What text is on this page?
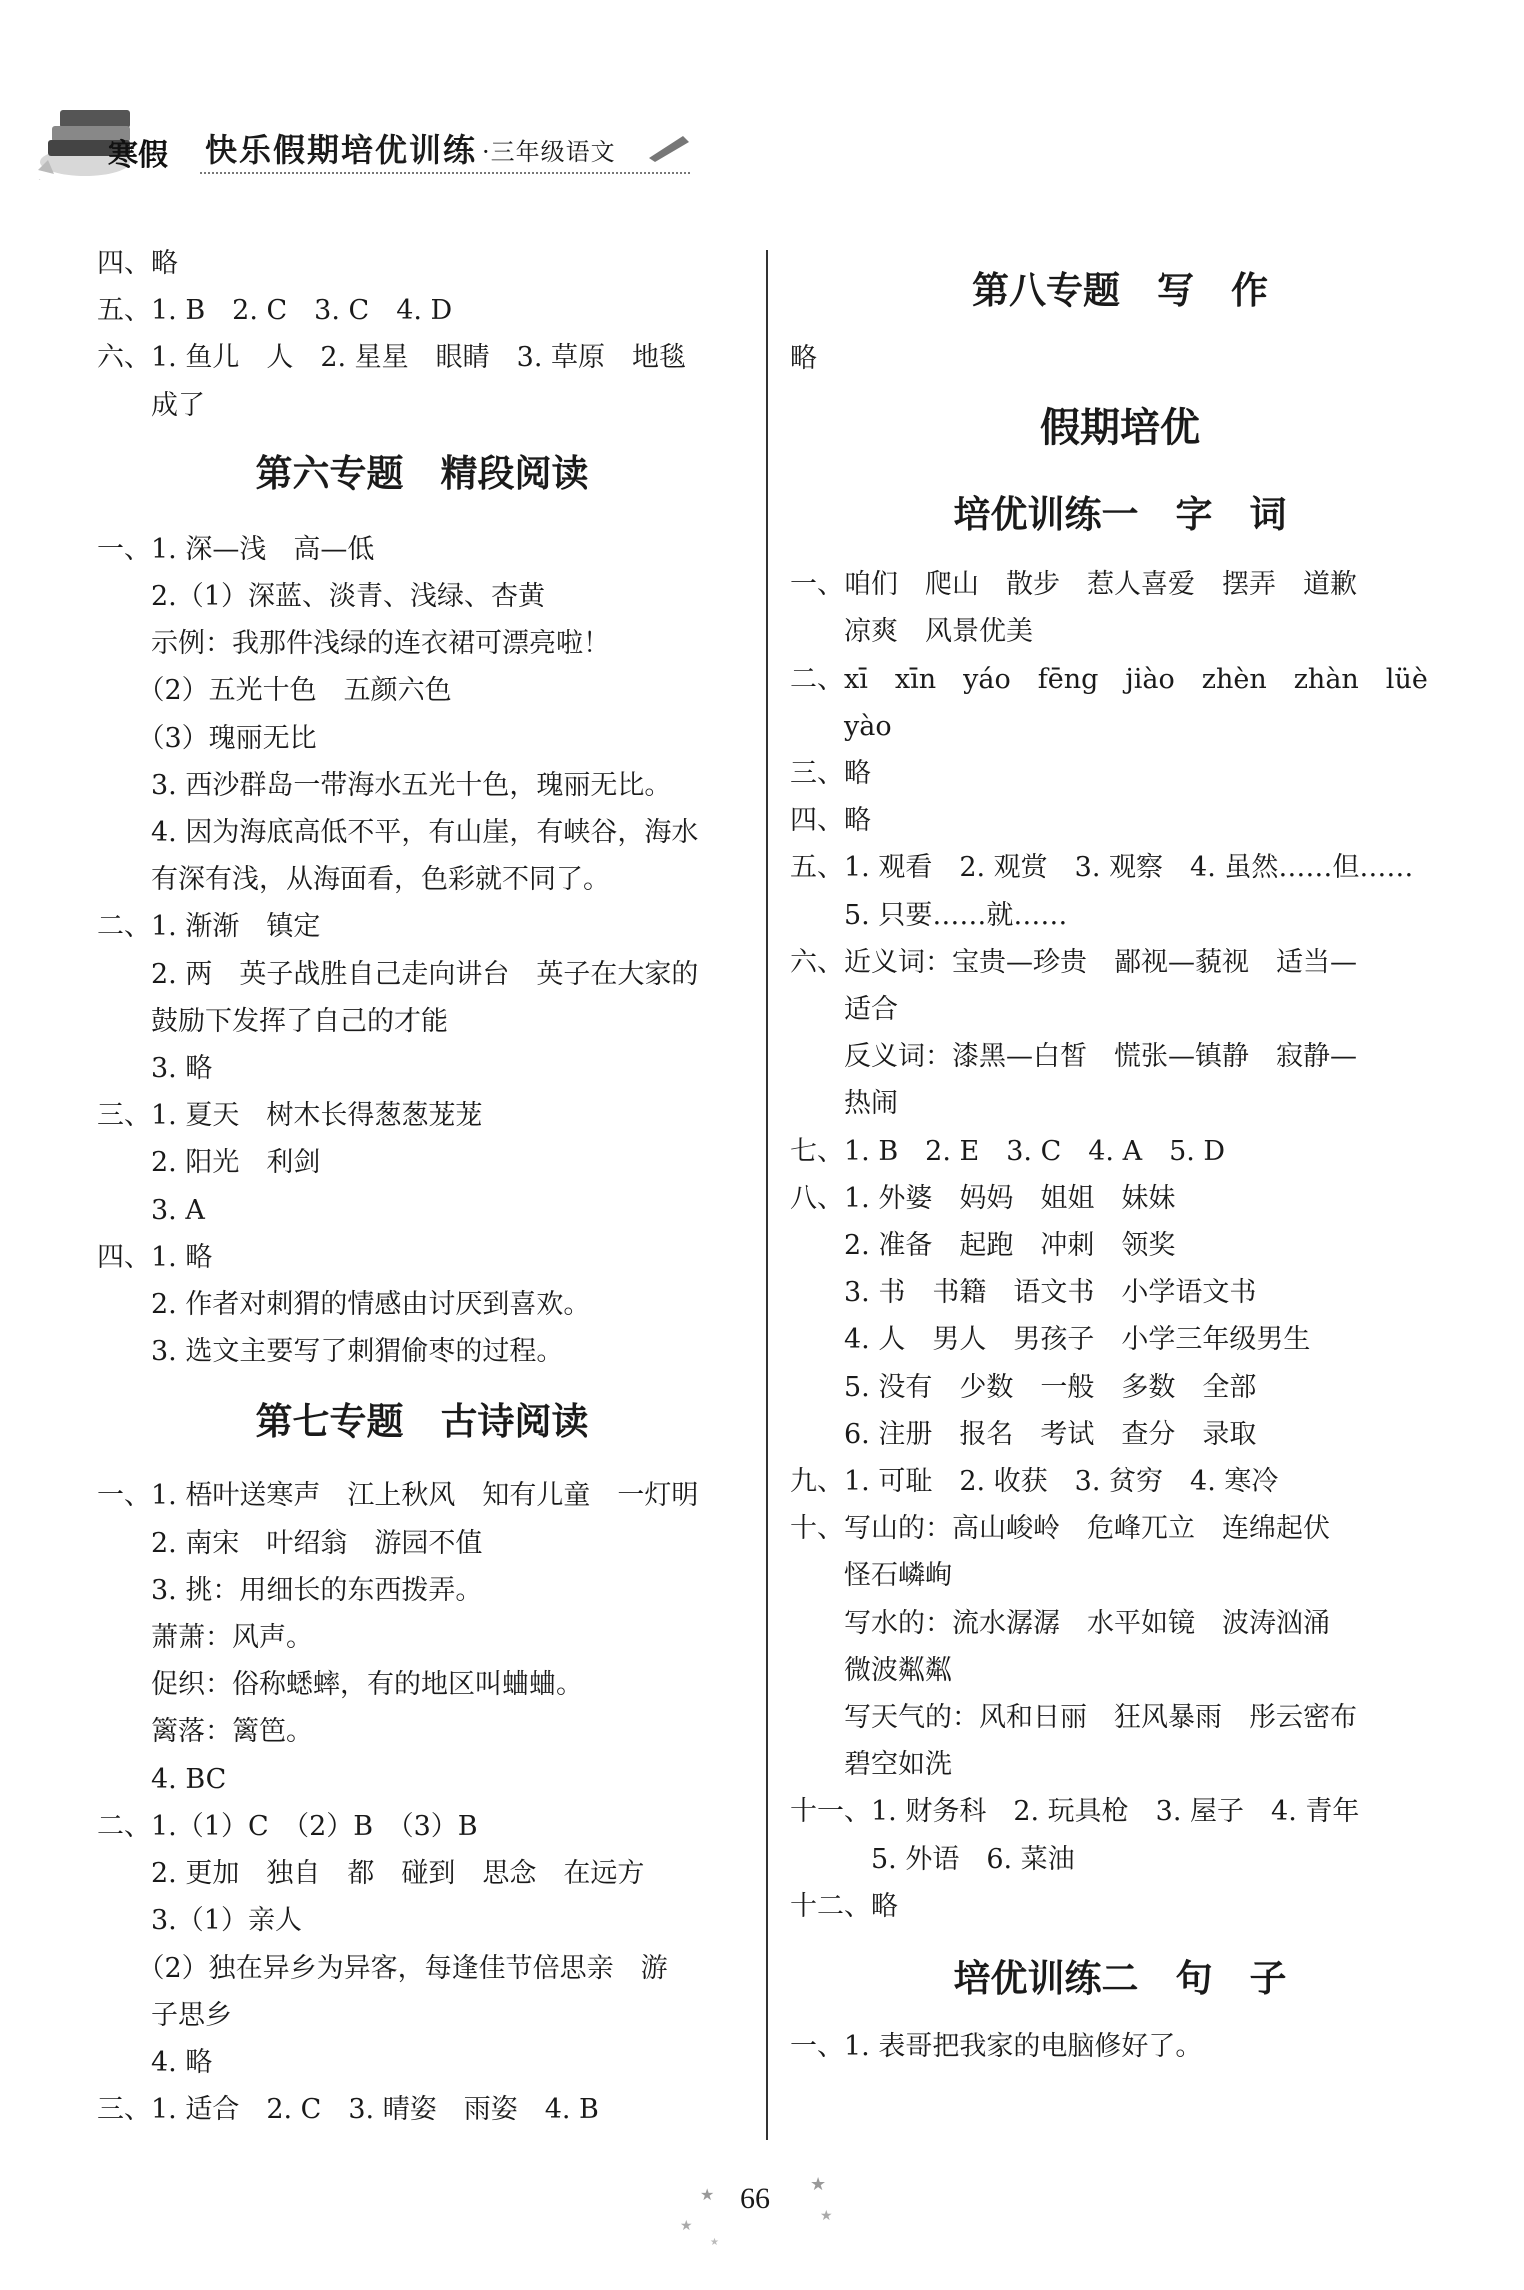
寒假 快乐假期培优训练 ·三年级语文
四、略
五、1. B　2. C　3. C　4. D
六、1. 鱼儿　人　2. 星星　眼睛　3. 草原　地毯
　　成了
第六专题　精段阅读
一、1. 深—浅　高—低
　　2.（1）深蓝、淡青、浅绿、杏黄
　　示例：我那件浅绿的连衣裙可漂亮啦！
　　（2）五光十色　五颜六色
　　（3）瑰丽无比
　　3. 西沙群岛一带海水五光十色，瑰丽无比。
　　4. 因为海底高低不平，有山崖，有峡谷，海水
　　有深有浅，从海面看，色彩就不同了。
二、1. 渐渐　镇定
　　2. 两　英子战胜自己走向讲台　英子在大家的
　　鼓励下发挥了自己的才能
　　3. 略
三、1. 夏天　树木长得葱葱茏茏
　　2. 阳光　利剑
　　3. A
四、1. 略
　　2. 作者对刺猬的情感由讨厌到喜欢。
　　3. 选文主要写了刺猬偷枣的过程。
第七专题　古诗阅读
一、1. 梧叶送寒声　江上秋风　知有儿童　一灯明
　　2. 南宋　叶绍翁　游园不值
　　3. 挑：用细长的东西拨弄。
　　萧萧：风声。
　　促织：俗称蟋蟀，有的地区叫蛐蛐。
　　篱落：篱笆。
　　4. BC
二、1.（1）C　（2）B　（3）B
　　2. 更加　独自　都　碰到　思念　在远方
　　3.（1）亲人
　　（2）独在异乡为异客，每逢佳节倍思亲　游
　　子思乡
　　4. 略
三、1. 适合　2. C　3. 晴姿　雨姿　4. B
第八专题　写　作
略
假期培优
培优训练一　字　词
一、咱们　爬山　散步　惹人喜爱　摆弄　道歉
　　凉爽　风景优美
二、xī　xīn　yáo　fēng　jiào　zhèn　zhàn　lüè
　　yào
三、略
四、略
五、1. 观看　2. 观赏　3. 观察　4. 虽然……但……
　　5. 只要……就……
六、近义词：宝贵—珍贵　鄙视—藐视　适当—
　　适合
　　反义词：漆黑—白皙　慌张—镇静　寂静—
　　热闹
七、1. B　2. E　3. C　4. A　5. D
八、1. 外婆　妈妈　姐姐　妹妹
　　2. 准备　起跑　冲刺　领奖
　　3. 书　书籍　语文书　小学语文书
　　4. 人　男人　男孩子　小学三年级男生
　　5. 没有　少数　一般　多数　全部
　　6. 注册　报名　考试　查分　录取
九、1. 可耻　2. 收获　3. 贫穷　4. 寒冷
十、写山的：高山峻岭　危峰兀立　连绵起伏
　　怪石嶙峋
　　写水的：流水潺潺　水平如镜　波涛汹涌
　　微波粼粼
　　写天气的：风和日丽　狂风暴雨　彤云密布
　　碧空如洗
十一、1. 财务科　2. 玩具枪　3. 屋子　4. 青年
　　　5. 外语　6. 菜油
十二、略
培优训练二　句　子
一、1. 表哥把我家的电脑修好了。
★
★
★
★
★
66
